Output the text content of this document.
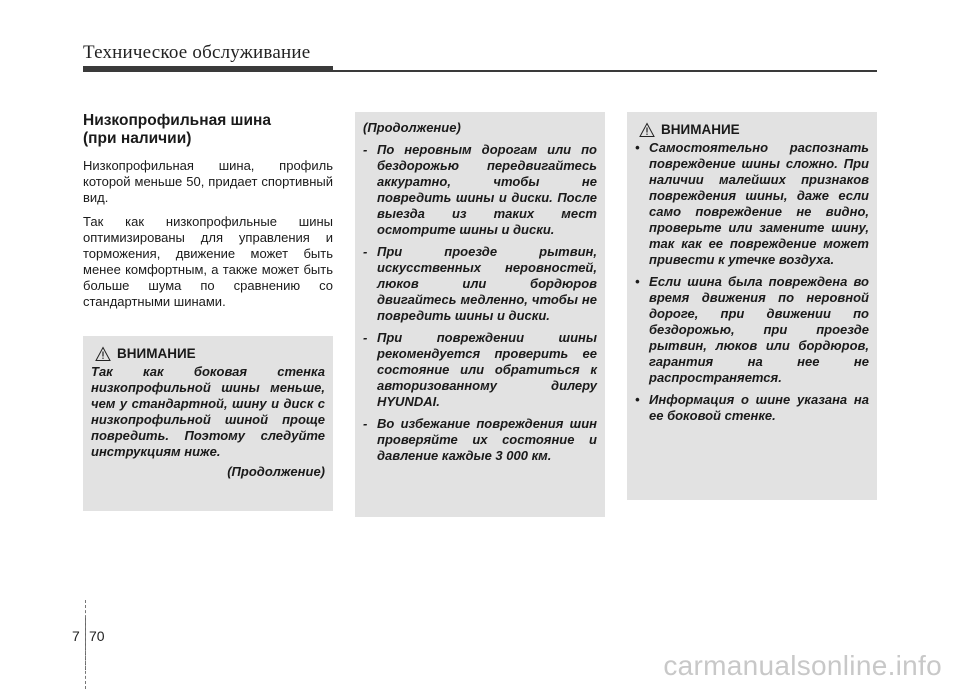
Техническое обслуживание
Низкопрофильная шина
(при наличии)

Низкопрофильная шина, профиль которой меньше 50, придает спортивный вид.

Так как низкопрофильные шины оптимизированы для управления и торможения, движение может быть менее комфортным, а также может быть больше шума по сравнению со стандартными шинами.

ВНИМАНИЕ
Так как боковая стенка низкопрофильной шины меньше, чем у стандартной, шину и диск с низкопрофильной шиной проще повредить. Поэтому следуйте инструкциям ниже.
(Продолжение)
(Продолжение)
- По неровным дорогам или по бездорожью передвигайтесь аккуратно, чтобы не повредить шины и диски. После выезда из таких мест осмотрите шины и диски.
- При проезде рытвин, искусственных неровностей, люков или бордюров двигайтесь медленно, чтобы не повредить шины и диски.
- При повреждении шины рекомендуется проверить ее состояние или обратиться к авторизованному дилеру HYUNDAI.
- Во избежание повреждения шин проверяйте их состояние и давление каждые 3 000 км.
ВНИМАНИЕ
• Самостоятельно распознать повреждение шины сложно. При наличии малейших признаков повреждения шины, даже если само повреждение не видно, проверьте или замените шину, так как ее повреждение может привести к утечке воздуха.
• Если шина была повреждена во время движения по неровной дороге, при движении по бездорожью, при проезде рытвин, люков или бордюров, гарантия на нее не распространяется.
• Информация о шине указана на ее боковой стенке.
7 70
carmanualsonline.info
